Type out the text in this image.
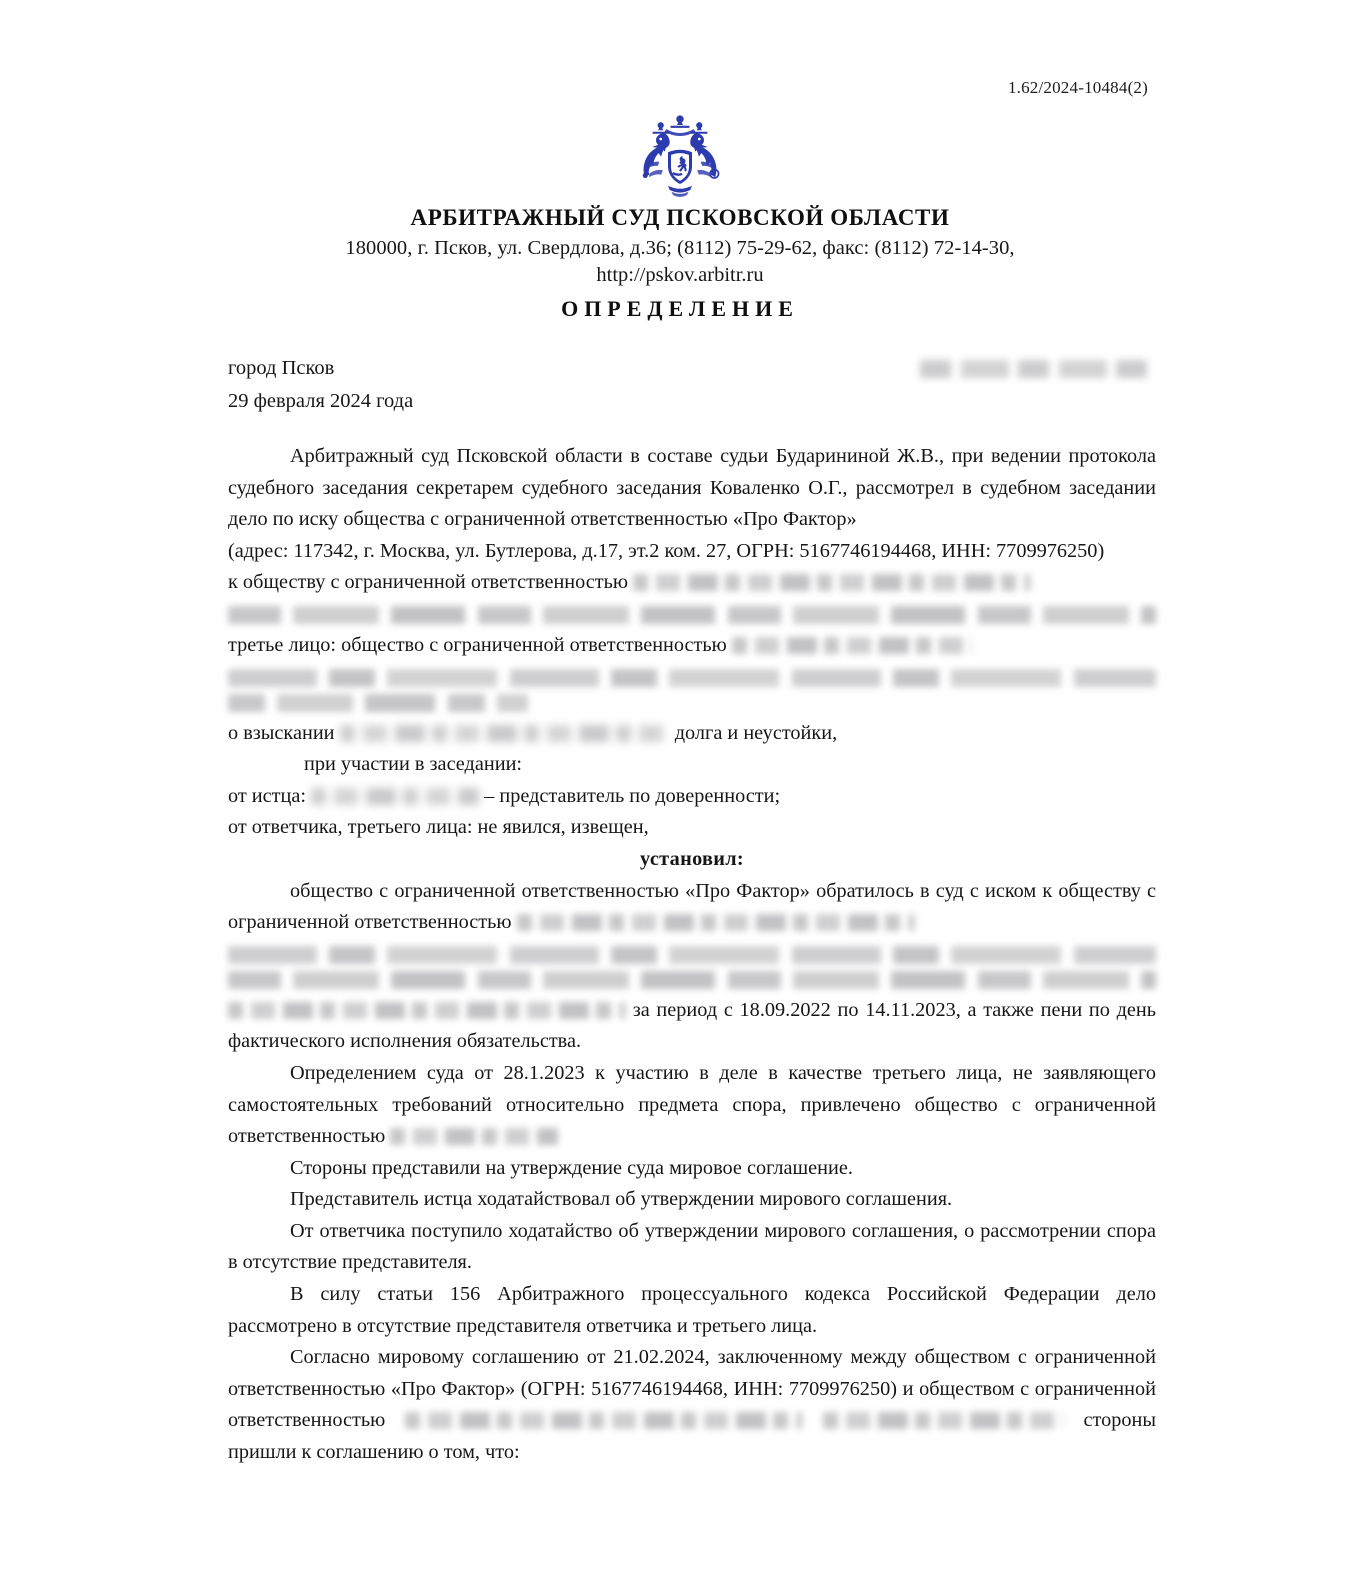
1.62/2024-10484(2)
АРБИТРАЖНЫЙ СУД ПСКОВСКОЙ ОБЛАСТИ
180000, г. Псков, ул. Свердлова, д.36; (8112) 75-29-62, факс: (8112) 72-14-30,
http://pskov.arbitr.ru
ОПРЕДЕЛЕНИЕ
город Псков
29 февраля 2024 года

Арбитражный суд Псковской области в составе судьи Бударининой Ж.В., при ведении протокола судебного заседания секретарем судебного заседания Коваленко О.Г., рассмотрел в судебном заседании дело по иску общества с ограниченной ответственностью «Про Фактор»

(адрес: 117342, г. Москва, ул. Бутлерова, д.17, эт.2 ком. 27, ОГРН: 5167746194468, ИНН: 7709976250)

к обществу с ограниченной ответственностью

третье лицо: общество с ограниченной ответственностью

о взыскании	долга и неустойки,

при участии в заседании:

от истца:	– представитель по доверенности;

от ответчика, третьего лица: не явился, извещен,

установил:

общество с ограниченной ответственностью «Про Фактор» обратилось в суд с иском к обществу с ограниченной ответственностью
за период с 18.09.2022 по 14.11.2023, а также пени по день фактического исполнения обязательства.

Определением суда от 28.1.2023 к участию в деле в качестве третьего лица, не заявляющего самостоятельных требований относительно предмета спора, привлечено общество с ограниченной ответственностью

Стороны представили на утверждение суда мировое соглашение.

Представитель истца ходатайствовал об утверждении мирового соглашения.

От ответчика поступило ходатайство об утверждении мирового соглашения, о рассмотрении спора в отсутствие представителя.

В силу статьи 156 Арбитражного процессуального кодекса Российской Федерации дело рассмотрено в отсутствие представителя ответчика и третьего лица.

Согласно мировому соглашению от 21.02.2024, заключенному между обществом с ограниченной ответственностью «Про Фактор» (ОГРН: 5167746194468, ИНН: 7709976250) и обществом с ограниченной ответственностью	стороны пришли к соглашению о том, что:
